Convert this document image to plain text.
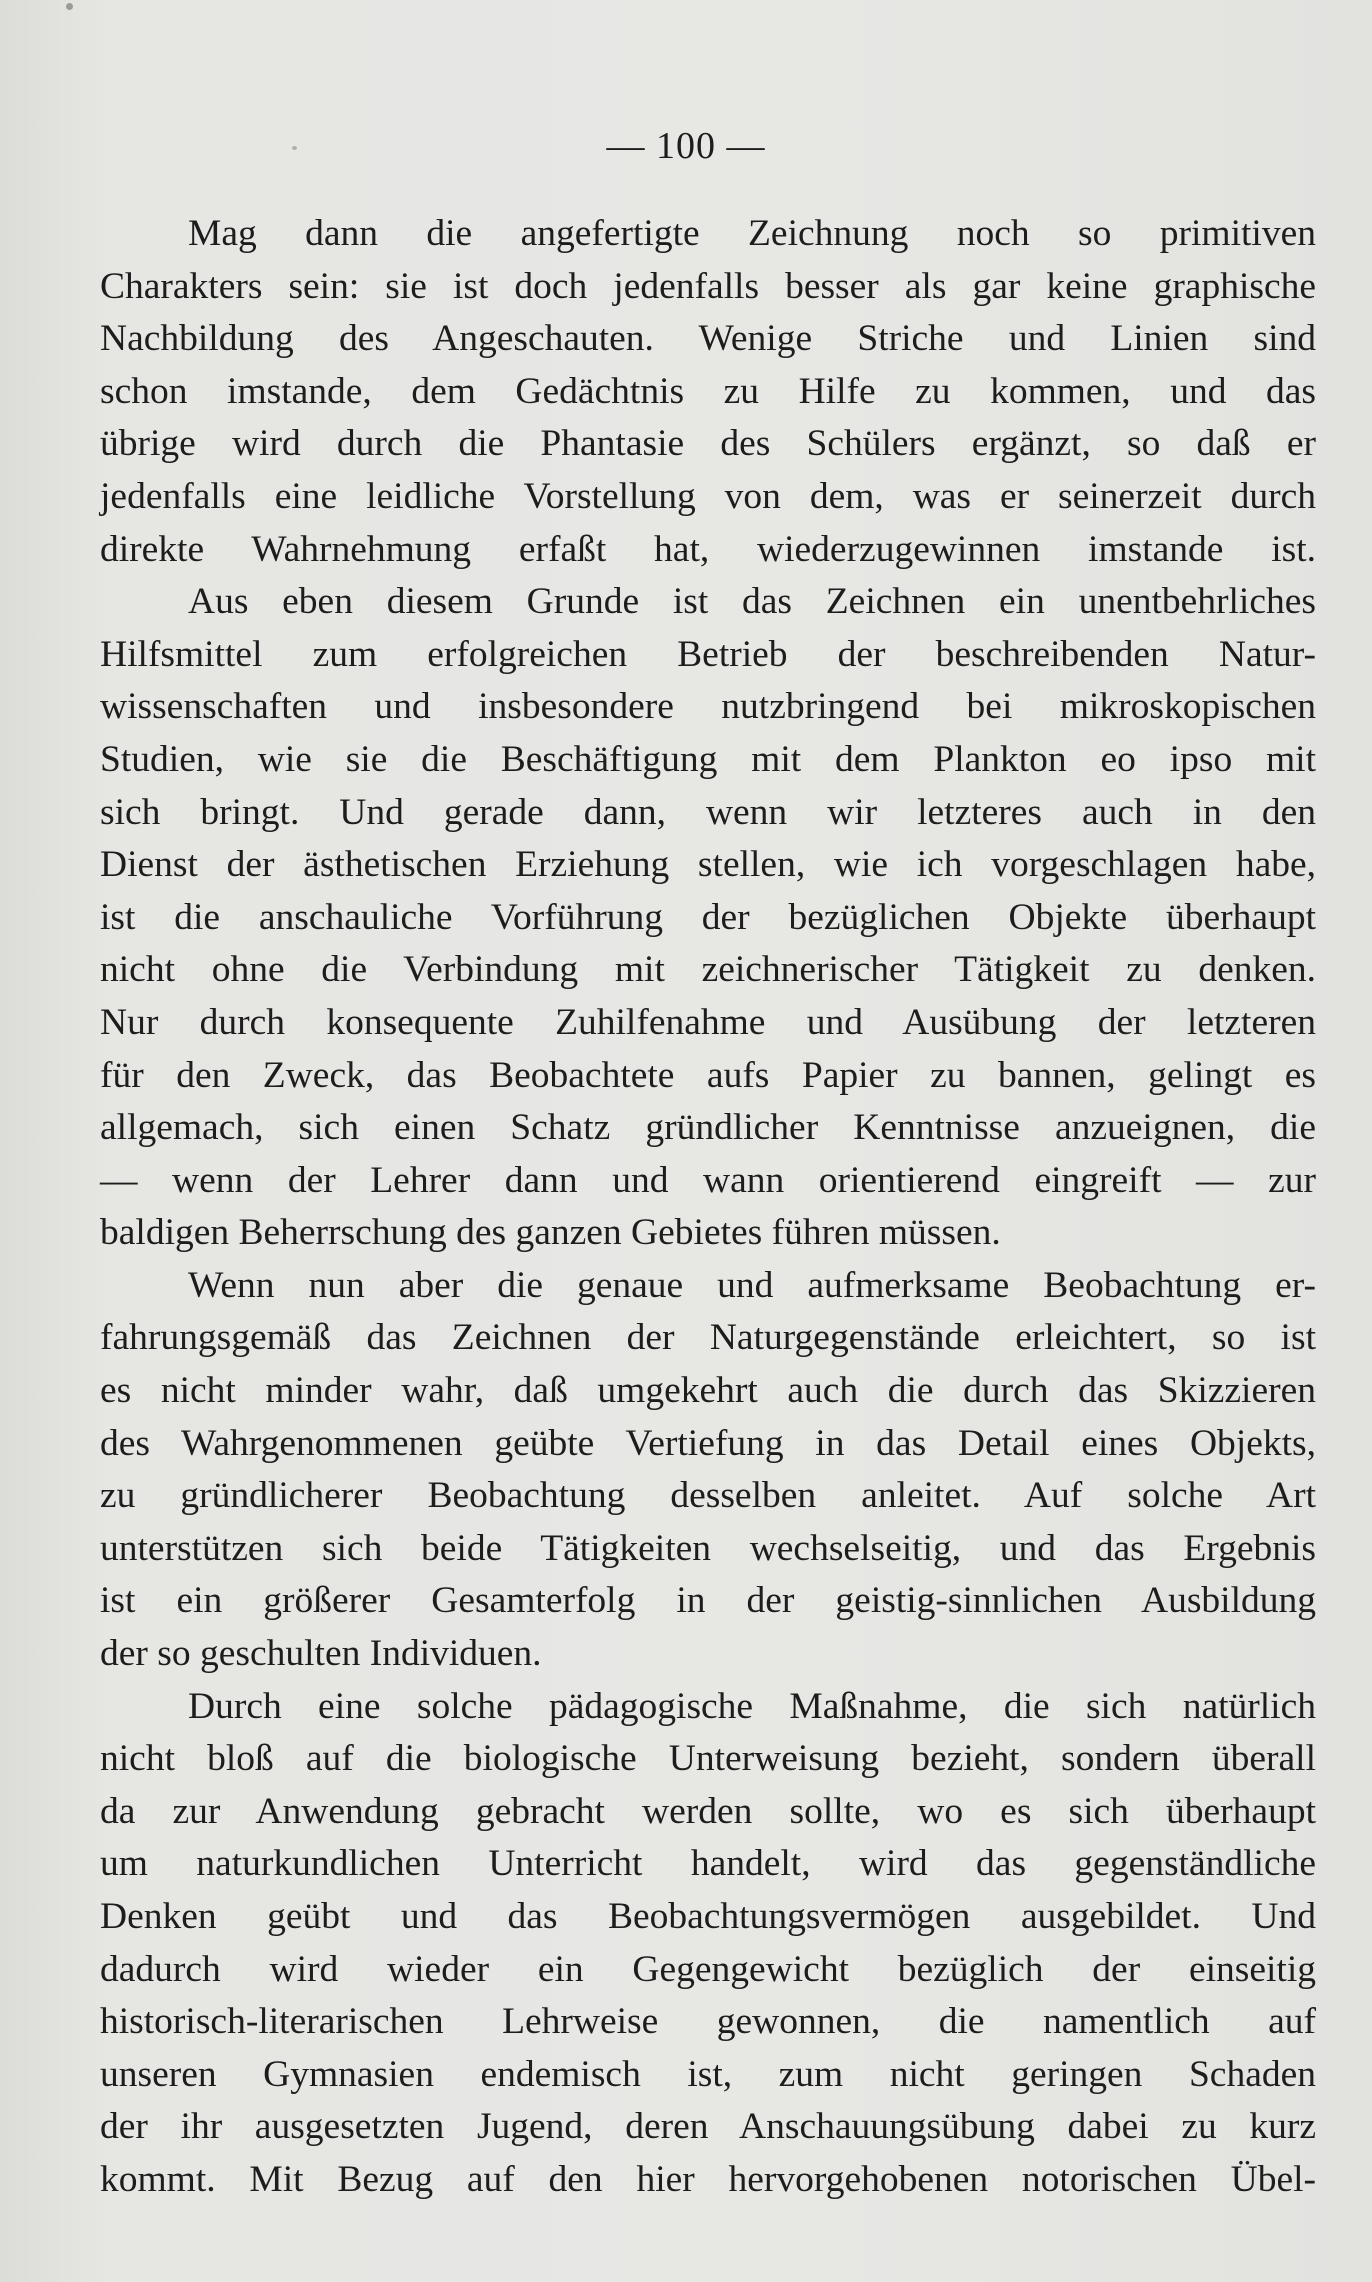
— 100 —

Mag dann die angefertigte Zeichnung noch so primitiven
Charakters sein: sie ist doch jedenfalls besser als gar keine graphische
Nachbildung des Angeschauten. Wenige Striche und Linien sind
schon imstande, dem Gedächtnis zu Hilfe zu kommen, und das
übrige wird durch die Phantasie des Schülers ergänzt, so daß er
jedenfalls eine leidliche Vorstellung von dem, was er seinerzeit durch
direkte Wahrnehmung erfaßt hat, wiederzugewinnen imstande ist.

Aus eben diesem Grunde ist das Zeichnen ein unentbehrliches
Hilfsmittel zum erfolgreichen Betrieb der beschreibenden Natur-
wissenschaften und insbesondere nutzbringend bei mikroskopischen
Studien, wie sie die Beschäftigung mit dem Plankton eo ipso mit
sich bringt. Und gerade dann, wenn wir letzteres auch in den
Dienst der ästhetischen Erziehung stellen, wie ich vorgeschlagen habe,
ist die anschauliche Vorführung der bezüglichen Objekte überhaupt
nicht ohne die Verbindung mit zeichnerischer Tätigkeit zu denken.
Nur durch konsequente Zuhilfenahme und Ausübung der letzteren
für den Zweck, das Beobachtete aufs Papier zu bannen, gelingt es
allgemach, sich einen Schatz gründlicher Kenntnisse anzueignen, die
— wenn der Lehrer dann und wann orientierend eingreift — zur
baldigen Beherrschung des ganzen Gebietes führen müssen.

Wenn nun aber die genaue und aufmerksame Beobachtung er-
fahrungsgemäß das Zeichnen der Naturgegenstände erleichtert, so ist
es nicht minder wahr, daß umgekehrt auch die durch das Skizzieren
des Wahrgenommenen geübte Vertiefung in das Detail eines Objekts,
zu gründlicherer Beobachtung desselben anleitet. Auf solche Art
unterstützen sich beide Tätigkeiten wechselseitig, und das Ergebnis
ist ein größerer Gesamterfolg in der geistig-sinnlichen Ausbildung
der so geschulten Individuen.

Durch eine solche pädagogische Maßnahme, die sich natürlich
nicht bloß auf die biologische Unterweisung bezieht, sondern überall
da zur Anwendung gebracht werden sollte, wo es sich überhaupt
um naturkundlichen Unterricht handelt, wird das gegenständliche
Denken geübt und das Beobachtungsvermögen ausgebildet. Und
dadurch wird wieder ein Gegengewicht bezüglich der einseitig
historisch-literarischen Lehrweise gewonnen, die namentlich auf
unseren Gymnasien endemisch ist, zum nicht geringen Schaden
der ihr ausgesetzten Jugend, deren Anschauungsübung dabei zu kurz
kommt. Mit Bezug auf den hier hervorgehobenen notorischen Übel-
